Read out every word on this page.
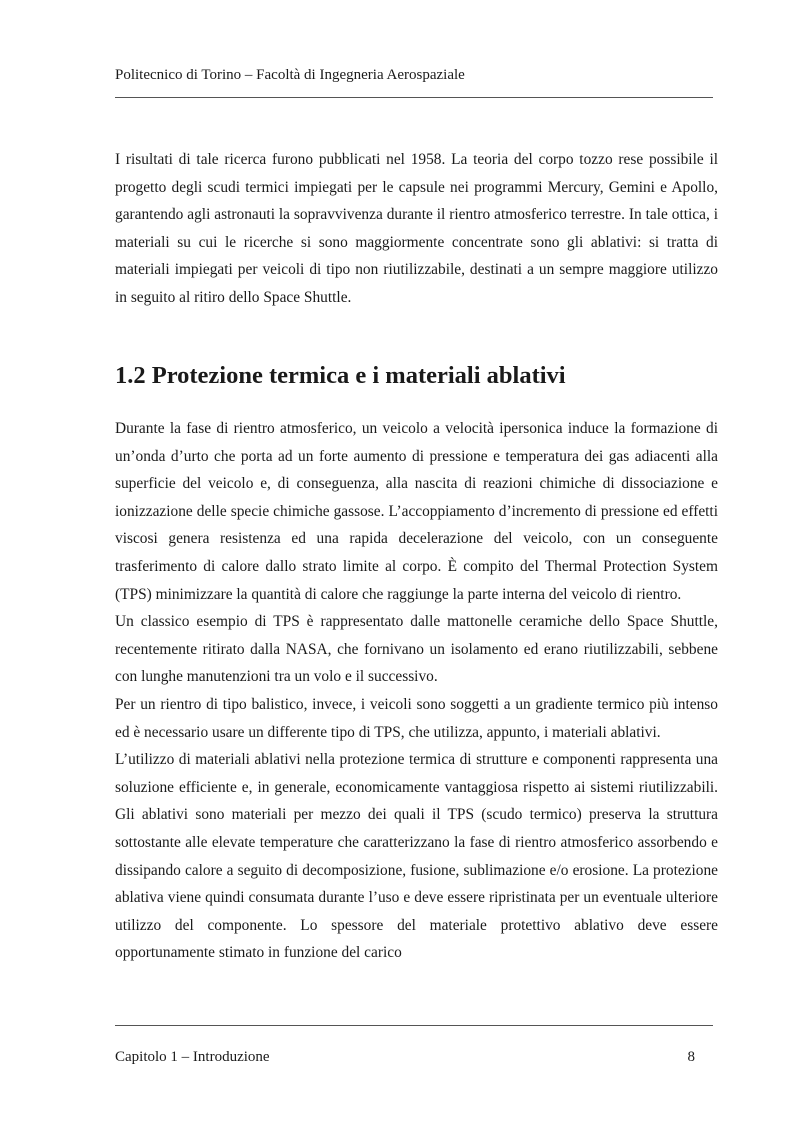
Politecnico di Torino – Facoltà di Ingegneria Aerospaziale

I risultati di tale ricerca furono pubblicati nel 1958. La teoria del corpo tozzo rese possibile il progetto degli scudi termici impiegati per le capsule nei programmi Mercury, Gemini e Apollo, garantendo agli astronauti la sopravvivenza durante il rientro atmosferico terrestre. In tale ottica, i materiali su cui le ricerche si sono maggiormente concentrate sono gli ablativi: si tratta di materiali impiegati per veicoli di tipo non riutilizzabile, destinati a un sempre maggiore utilizzo in seguito al ritiro dello Space Shuttle.

1.2 Protezione termica e i materiali ablativi

Durante la fase di rientro atmosferico, un veicolo a velocità ipersonica induce la formazione di un’onda d’urto che porta ad un forte aumento di pressione e temperatura dei gas adiacenti alla superficie del veicolo e, di conseguenza, alla nascita di reazioni chimiche di dissociazione e ionizzazione delle specie chimiche gassose. L’accoppiamento d’incremento di pressione ed effetti viscosi genera resistenza ed una rapida decelerazione del veicolo, con un conseguente trasferimento di calore dallo strato limite al corpo. È compito del Thermal Protection System (TPS) minimizzare la quantità di calore che raggiunge la parte interna del veicolo di rientro.

Un classico esempio di TPS è rappresentato dalle mattonelle ceramiche dello Space Shuttle, recentemente ritirato dalla NASA, che fornivano un isolamento ed erano riutilizzabili, sebbene con lunghe manutenzioni tra un volo e il successivo.

Per un rientro di tipo balistico, invece, i veicoli sono soggetti a un gradiente termico più intenso ed è necessario usare un differente tipo di TPS, che utilizza, appunto, i materiali ablativi.

L’utilizzo di materiali ablativi nella protezione termica di strutture e componenti rappresenta una soluzione efficiente e, in generale, economicamente vantaggiosa rispetto ai sistemi riutilizzabili. Gli ablativi sono materiali per mezzo dei quali il TPS (scudo termico) preserva la struttura sottostante alle elevate temperature che caratterizzano la fase di rientro atmosferico assorbendo e dissipando calore a seguito di decomposizione, fusione, sublimazione e/o erosione. La protezione ablativa viene quindi consumata durante l’uso e deve essere ripristinata per un eventuale ulteriore utilizzo del componente. Lo spessore del materiale protettivo ablativo deve essere opportunamente stimato in funzione del carico

Capitolo 1 – Introduzione	8
